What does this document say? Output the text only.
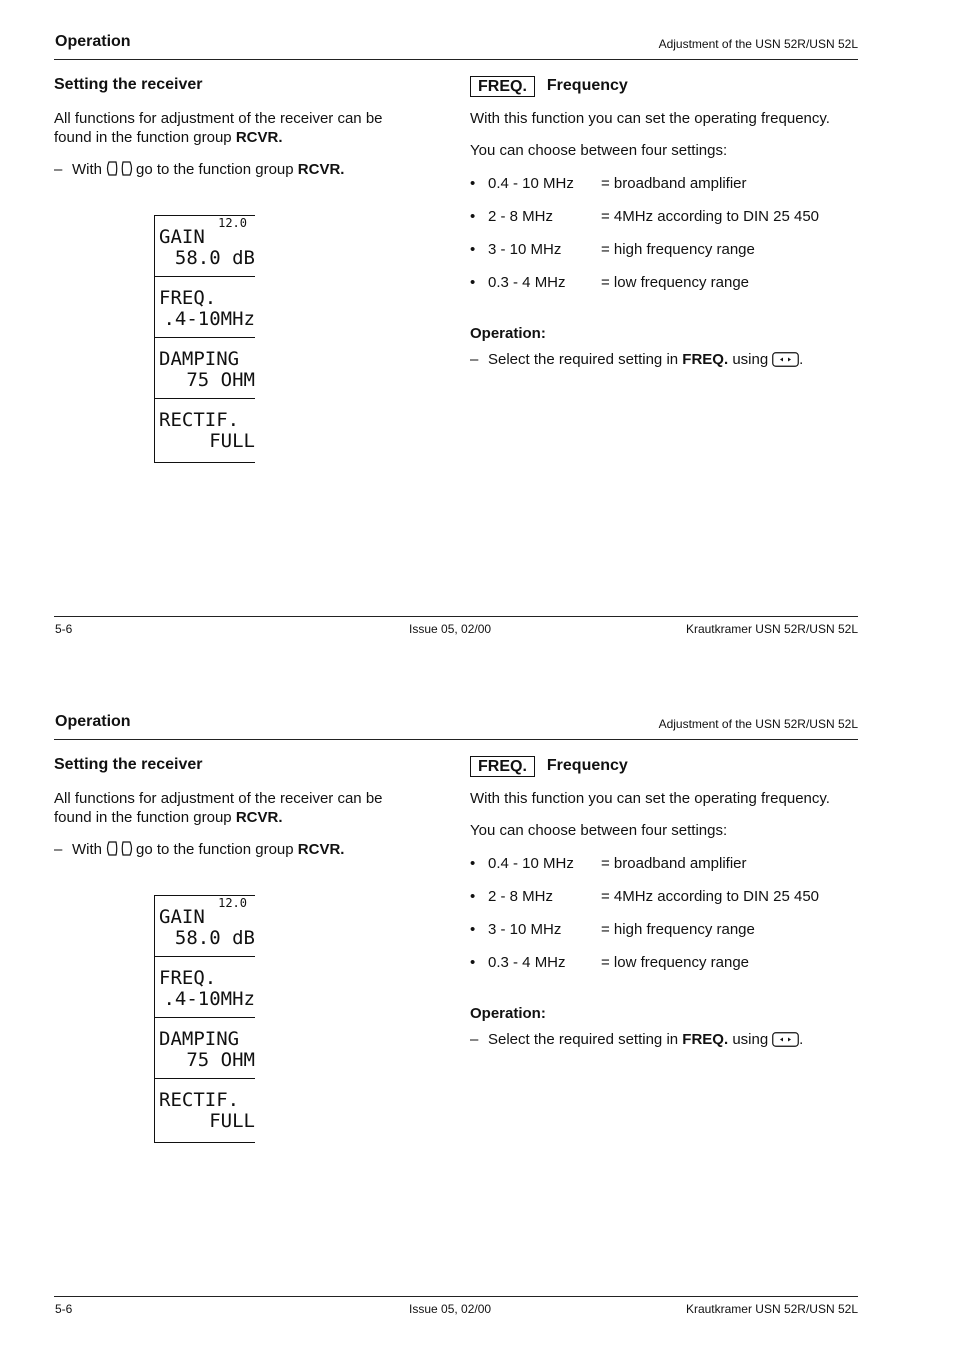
Operation	Adjustment of the USN 52R/USN 52L
Setting the receiver

All functions for adjustment of the receiver can be found in the function group RCVR.

– With go to the function group RCVR.
GAIN
58.0 dB
12.0
FREQ.
.4-10MHz
DAMPING
75 OHM
RECTIF.
FULL
FREQ.	Frequency
With this function you can set the operating frequency.
You can choose between four settings:
• 0.4 - 10 MHz	= broadband amplifier
• 2 - 8 MHz	= 4MHz according to DIN 25 450
• 3 - 10 MHz	= high frequency range
• 0.3 - 4 MHz	= low frequency range
Operation:
– Select the required setting in FREQ. using .
5-6	Issue 05, 02/00	Krautkramer USN 52R/USN 52L
Operation	Adjustment of the USN 52R/USN 52L
Setting the receiver

All functions for adjustment of the receiver can be found in the function group RCVR.

– With go to the function group RCVR.
GAIN
58.0 dB
12.0
FREQ.
.4-10MHz
DAMPING
75 OHM
RECTIF.
FULL
FREQ.	Frequency
With this function you can set the operating frequency.
You can choose between four settings:
• 0.4 - 10 MHz	= broadband amplifier
• 2 - 8 MHz	= 4MHz according to DIN 25 450
• 3 - 10 MHz	= high frequency range
• 0.3 - 4 MHz	= low frequency range
Operation:
– Select the required setting in FREQ. using .
5-6	Issue 05, 02/00	Krautkramer USN 52R/USN 52L
